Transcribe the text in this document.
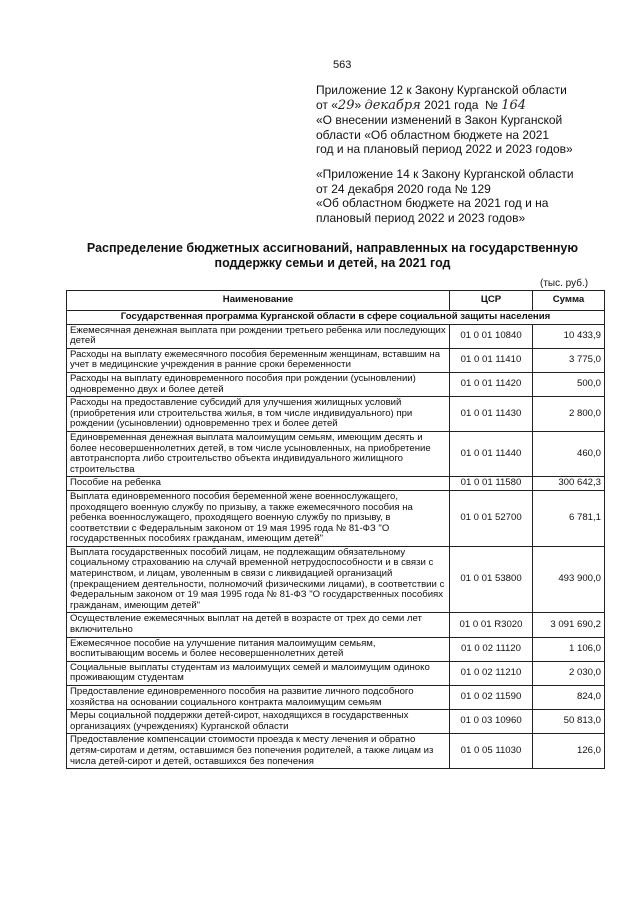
563

Приложение 12 к Закону Курганской области

от «29» декабря 2021 года № 164

«О внесении изменений в Закон Курганской

области «Об областном бюджете на 2021

год и на плановый период 2022 и 2023 годов»

«Приложение 14 к Закону Курганской области

от 24 декабря 2020 года № 129

«Об областном бюджете на 2021 год и на

плановый период 2022 и 2023 годов»

Распределение бюджетных ассигнований, направленных на государственную поддержку семьи и детей, на 2021 год
(тыс. руб.)
Наименование	ЦСР	Сумма
Государственная программа Курганской области в сфере социальной защиты населения		
Ежемесячная денежная выплата при рождении третьего ребенка или последующих детей	01 0 01 10840	10 433,9
Расходы на выплату ежемесячного пособия беременным женщинам, вставшим на учет в медицинские учреждения в ранние сроки беременности	01 0 01 11410	3 775,0
Расходы на выплату единовременного пособия при рождении (усыновлении) одновременно двух и более детей	01 0 01 11420	500,0
Расходы на предоставление субсидий для улучшения жилищных условий (приобретения или строительства жилья, в том числе индивидуального) при рождении (усыновлении) одновременно трех и более детей	01 0 01 11430	2 800,0
Единовременная денежная выплата малоимущим семьям, имеющим десять и более несовершеннолетних детей, в том числе усыновленных, на приобретение автотранспорта либо строительство объекта индивидуального жилищного строительства	01 0 01 11440	460,0
Пособие на ребенка	01 0 01 11580	300 642,3
Выплата единовременного пособия беременной жене военнослужащего, проходящего военную службу по призыву, а также ежемесячного пособия на ребенка военнослужащего, проходящего военную службу по призыву, в соответствии с Федеральным законом от 19 мая 1995 года № 81-ФЗ "О государственных пособиях гражданам, имеющим детей"	01 0 01 52700	6 781,1
Выплата государственных пособий лицам, не подлежащим обязательному социальному страхованию на случай временной нетрудоспособности и в связи с материнством, и лицам, уволенным в связи с ликвидацией организаций (прекращением деятельности, полномочий физическими лицами), в соответствии с Федеральным законом от 19 мая 1995 года № 81-ФЗ "О государственных пособиях гражданам, имеющим детей"	01 0 01 53800	493 900,0
Осуществление ежемесячных выплат на детей в возрасте от трех до семи лет включительно	01 0 01 R3020	3 091 690,2
Ежемесячное пособие на улучшение питания малоимущим семьям, воспитывающим восемь и более несовершеннолетних детей	01 0 02 11120	1 106,0
Социальные выплаты студентам из малоимущих семей и малоимущим одиноко проживающим студентам	01 0 02 11210	2 030,0
Предоставление единовременного пособия на развитие личного подсобного хозяйства на основании социального контракта малоимущим семьям	01 0 02 11590	824,0
Меры социальной поддержки детей-сирот, находящихся в государственных организациях (учреждениях) Курганской области	01 0 03 10960	50 813,0
Предоставление компенсации стоимости проезда к месту лечения и обратно детям-сиротам и детям, оставшимся без попечения родителей, а также лицам из числа детей-сирот и детей, оставшихся без попечения	01 0 05 11030	126,0
